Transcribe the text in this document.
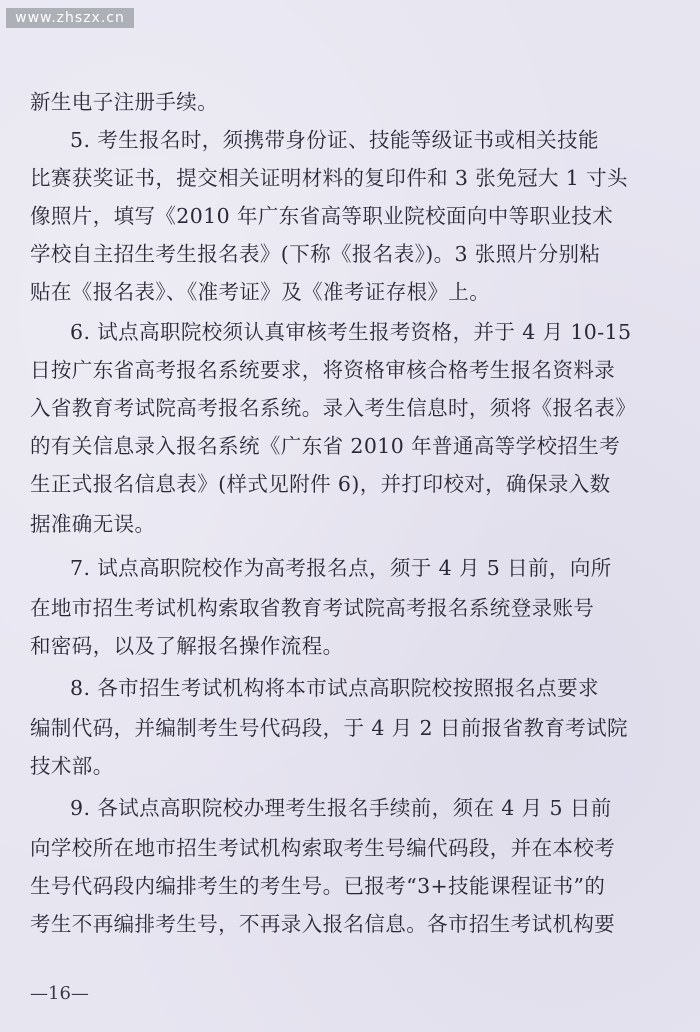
www.zhszx.cn
新生电子注册手续。
5. 考生报名时，须携带身份证、技能等级证书或相关技能
比赛获奖证书，提交相关证明材料的复印件和 3 张免冠大 1 寸头
像照片，填写《2010 年广东省高等职业院校面向中等职业技术
学校自主招生考生报名表》(下称《报名表》)。3 张照片分别粘
贴在《报名表》、《准考证》及《准考证存根》上。
6. 试点高职院校须认真审核考生报考资格，并于 4 月 10-15
日按广东省高考报名系统要求，将资格审核合格考生报名资料录
入省教育考试院高考报名系统。录入考生信息时，须将《报名表》
的有关信息录入报名系统《广东省 2010 年普通高等学校招生考
生正式报名信息表》(样式见附件 6)，并打印校对，确保录入数
据准确无误。
7. 试点高职院校作为高考报名点，须于 4 月 5 日前，向所
在地市招生考试机构索取省教育考试院高考报名系统登录账号
和密码，以及了解报名操作流程。
8. 各市招生考试机构将本市试点高职院校按照报名点要求
编制代码，并编制考生号代码段，于 4 月 2 日前报省教育考试院
技术部。
9. 各试点高职院校办理考生报名手续前，须在 4 月 5 日前
向学校所在地市招生考试机构索取考生号编代码段，并在本校考
生号代码段内编排考生的考生号。已报考“3+技能课程证书”的
考生不再编排考生号，不再录入报名信息。各市招生考试机构要
—16—
